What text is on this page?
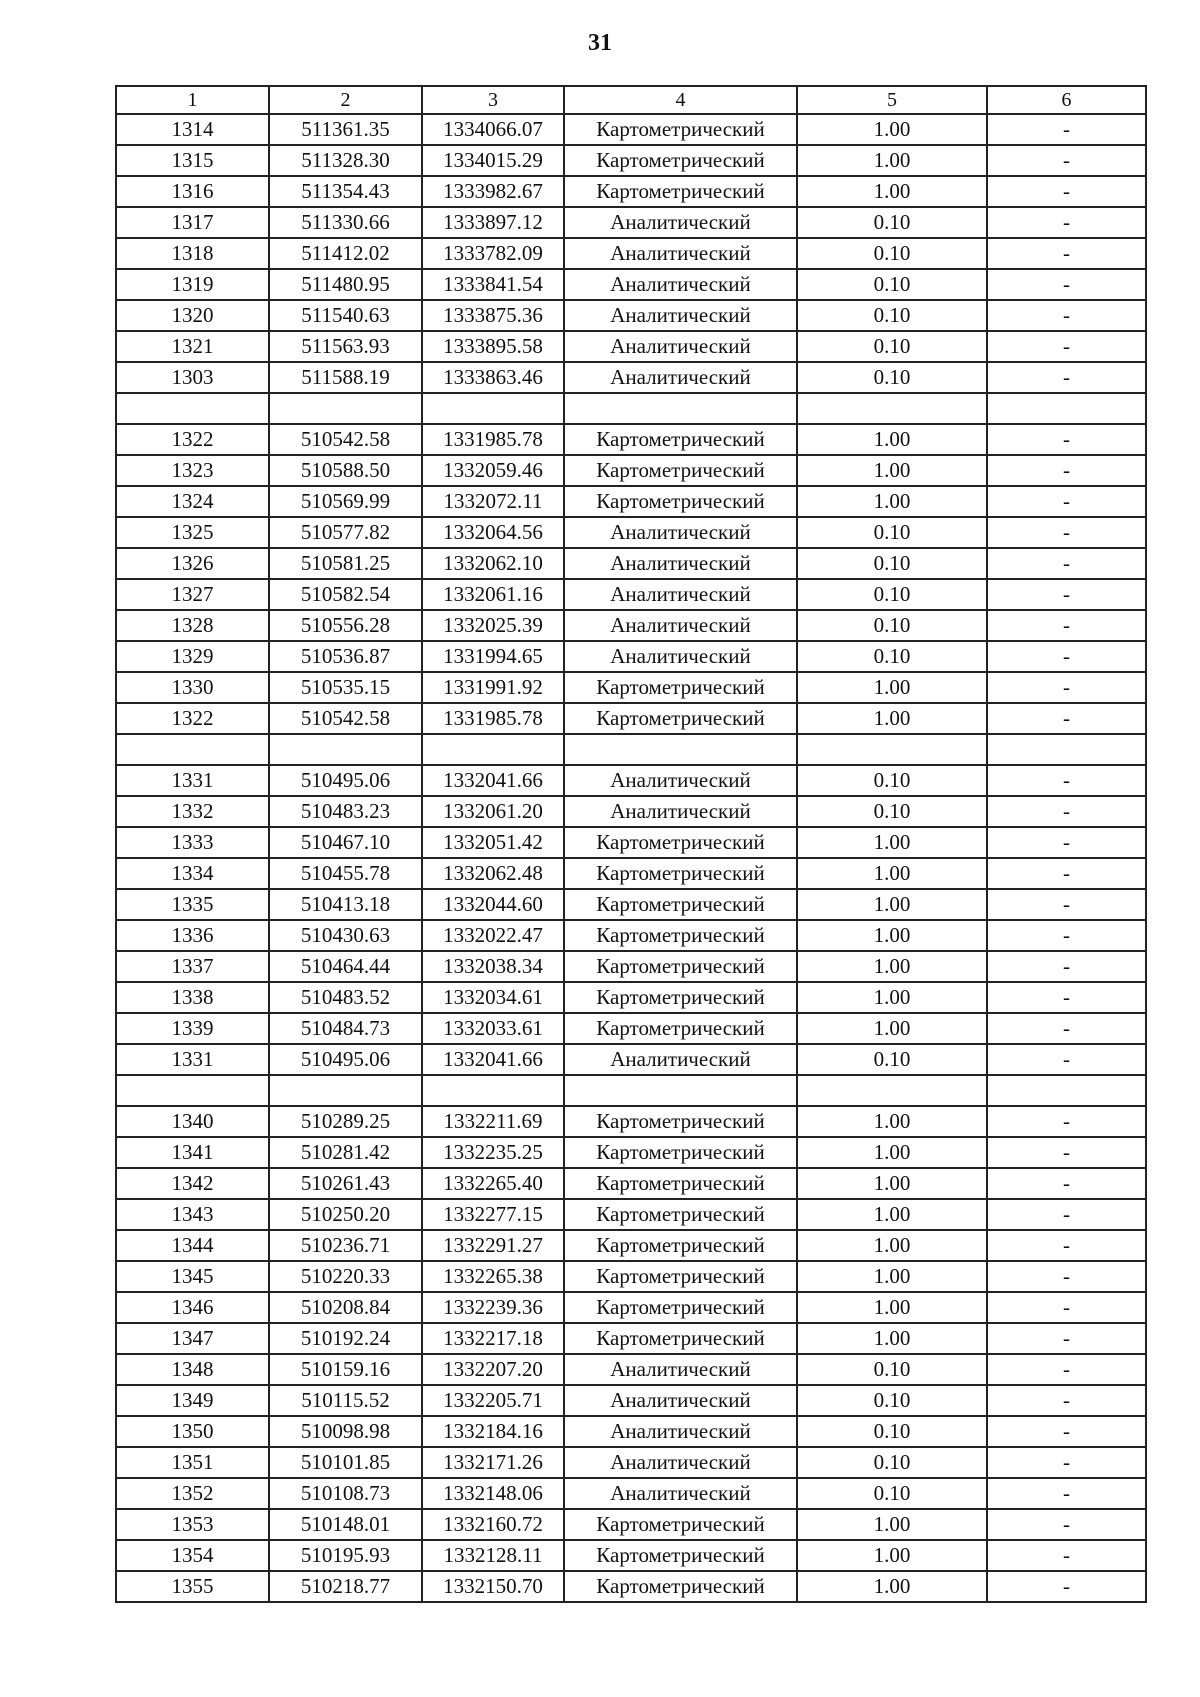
31
1	2	3	4	5	6
1314	511361.35	1334066.07	Картометрический	1.00	-
1315	511328.30	1334015.29	Картометрический	1.00	-
1316	511354.43	1333982.67	Картометрический	1.00	-
1317	511330.66	1333897.12	Аналитический	0.10	-
1318	511412.02	1333782.09	Аналитический	0.10	-
1319	511480.95	1333841.54	Аналитический	0.10	-
1320	511540.63	1333875.36	Аналитический	0.10	-
1321	511563.93	1333895.58	Аналитический	0.10	-
1303	511588.19	1333863.46	Аналитический	0.10	-

1322	510542.58	1331985.78	Картометрический	1.00	-
1323	510588.50	1332059.46	Картометрический	1.00	-
1324	510569.99	1332072.11	Картометрический	1.00	-
1325	510577.82	1332064.56	Аналитический	0.10	-
1326	510581.25	1332062.10	Аналитический	0.10	-
1327	510582.54	1332061.16	Аналитический	0.10	-
1328	510556.28	1332025.39	Аналитический	0.10	-
1329	510536.87	1331994.65	Аналитический	0.10	-
1330	510535.15	1331991.92	Картометрический	1.00	-
1322	510542.58	1331985.78	Картометрический	1.00	-

1331	510495.06	1332041.66	Аналитический	0.10	-
1332	510483.23	1332061.20	Аналитический	0.10	-
1333	510467.10	1332051.42	Картометрический	1.00	-
1334	510455.78	1332062.48	Картометрический	1.00	-
1335	510413.18	1332044.60	Картометрический	1.00	-
1336	510430.63	1332022.47	Картометрический	1.00	-
1337	510464.44	1332038.34	Картометрический	1.00	-
1338	510483.52	1332034.61	Картометрический	1.00	-
1339	510484.73	1332033.61	Картометрический	1.00	-
1331	510495.06	1332041.66	Аналитический	0.10	-

1340	510289.25	1332211.69	Картометрический	1.00	-
1341	510281.42	1332235.25	Картометрический	1.00	-
1342	510261.43	1332265.40	Картометрический	1.00	-
1343	510250.20	1332277.15	Картометрический	1.00	-
1344	510236.71	1332291.27	Картометрический	1.00	-
1345	510220.33	1332265.38	Картометрический	1.00	-
1346	510208.84	1332239.36	Картометрический	1.00	-
1347	510192.24	1332217.18	Картометрический	1.00	-
1348	510159.16	1332207.20	Аналитический	0.10	-
1349	510115.52	1332205.71	Аналитический	0.10	-
1350	510098.98	1332184.16	Аналитический	0.10	-
1351	510101.85	1332171.26	Аналитический	0.10	-
1352	510108.73	1332148.06	Аналитический	0.10	-
1353	510148.01	1332160.72	Картометрический	1.00	-
1354	510195.93	1332128.11	Картометрический	1.00	-
1355	510218.77	1332150.70	Картометрический	1.00	-
